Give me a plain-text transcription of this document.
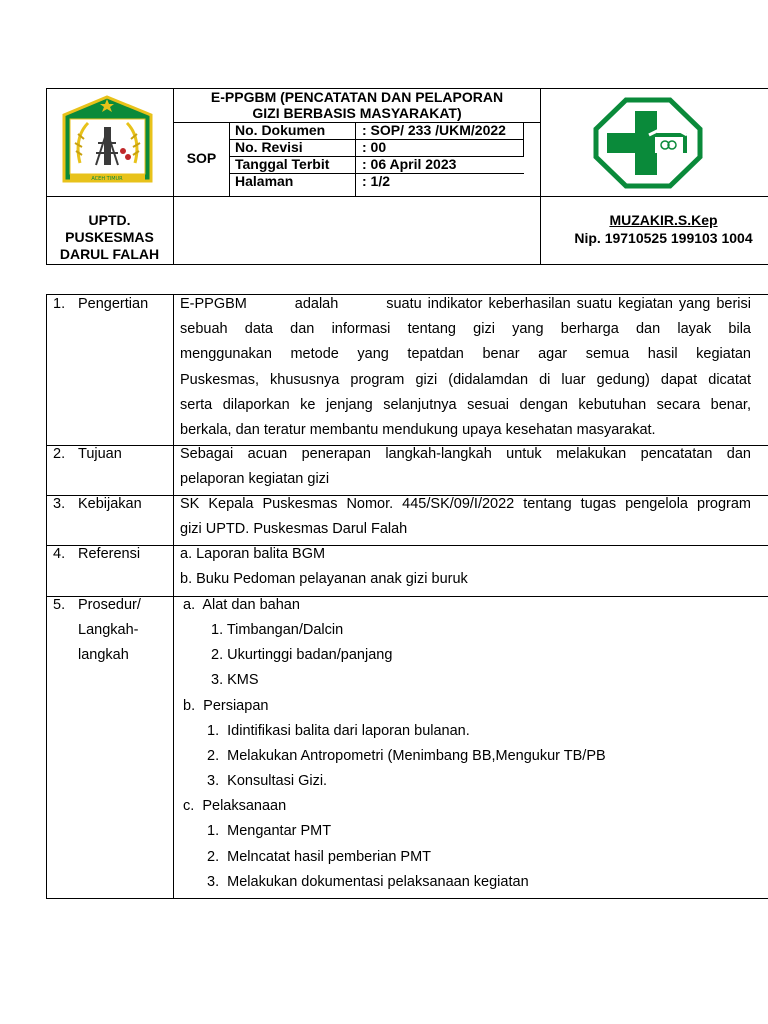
ACEH TIMUR
E-PPGBM (PENCATATAN DAN PELAPORAN
GIZI BERBASIS MASYARAKAT)
SOP
No. Dokumen	: SOP/ 233 /UKM/2022
No. Revisi	: 00
Tanggal Terbit : 06 April 2023
Halaman	: 1/2
UPTD.
PUSKESMAS
DARUL FALAH
MUZAKIR.S.Kep
Nip. 19710525 199103 1004
1. Pengertian E-PPGBM        adalah        suatu indikator keberhasilan suatu kegiatan yang berisi
sebuah data dan informasi tentang gizi yang berharga dan layak bila
menggunakan metode yang tepatdan benar agar semua hasil kegiatan
Puskesmas, khususnya program gizi (didalamdan di luar gedung) dapat dicatat
serta dilaporkan ke jenjang selanjutnya sesuai dengan kebutuhan secara benar,
berkala, dan teratur membantu mendukung upaya kesehatan masyarakat.
2. Tujuan	Sebagai acuan penerapan langkah-langkah untuk melakukan pencatatan dan
pelaporan kegiatan gizi
3. Kebijakan	SK Kepala Puskesmas Nomor. 445/SK/09/I/2022 tentang tugas pengelola program
gizi UPTD. Puskesmas Darul Falah
4. Referensi	a. Laporan balita BGM
b. Buku Pedoman pelayanan anak gizi buruk
5. Prosedur/
Langkah-
langkah
a.  Alat dan bahan
1. Timbangan/Dalcin
2. Ukurtinggi badan/panjang
3. KMS
b.  Persiapan
1.  Idintifikasi balita dari laporan bulanan.
2.  Melakukan Antropometri (Menimbang BB,Mengukur TB/PB
3.  Konsultasi Gizi.
c.  Pelaksanaan
1.  Mengantar PMT
2.  Melncatat hasil pemberian PMT
3.  Melakukan dokumentasi pelaksanaan kegiatan
